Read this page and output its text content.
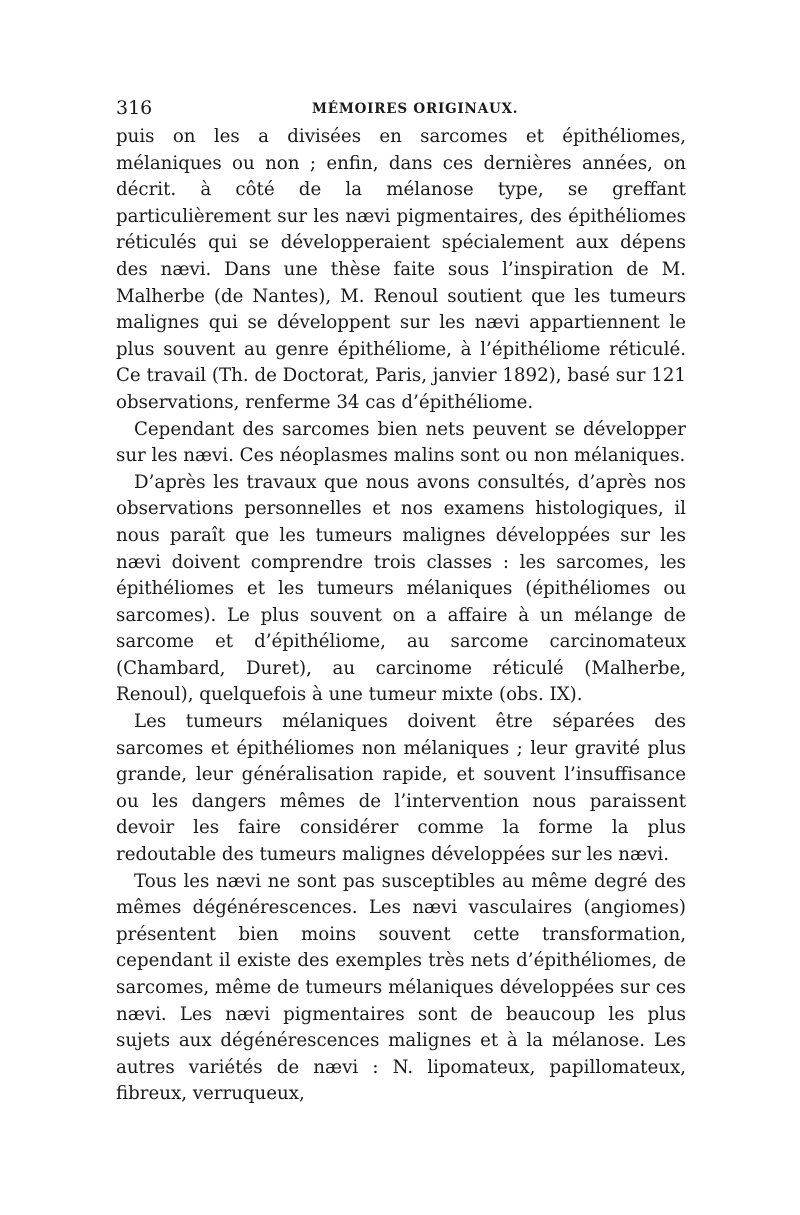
316	MÉMOIRES ORIGINAUX.

puis on les a divisées en sarcomes et épithéliomes, mélaniques ou non ; enfin, dans ces dernières années, on décrit. à côté de la mélanose type, se greffant particulièrement sur les nævi pigmentaires, des épithéliomes réticulés qui se développeraient spécialement aux dépens des nævi. Dans une thèse faite sous l’inspiration de M. Malherbe (de Nantes), M. Renoul soutient que les tumeurs malignes qui se développent sur les nævi appartiennent le plus souvent au genre épithéliome, à l’épithéliome réticulé. Ce travail (Th. de Doctorat, Paris, janvier 1892), basé sur 121 observations, renferme 34 cas d’épithéliome.

Cependant des sarcomes bien nets peuvent se développer sur les nævi. Ces néoplasmes malins sont ou non mélaniques.

D’après les travaux que nous avons consultés, d’après nos observations personnelles et nos examens histologiques, il nous paraît que les tumeurs malignes développées sur les nævi doivent comprendre trois classes : les sarcomes, les épithéliomes et les tumeurs mélaniques (épithéliomes ou sarcomes). Le plus souvent on a affaire à un mélange de sarcome et d’épithéliome, au sarcome carcinomateux (Chambard, Duret), au carcinome réticulé (Malherbe, Renoul), quelquefois à une tumeur mixte (obs. IX).

Les tumeurs mélaniques doivent être séparées des sarcomes et épithéliomes non mélaniques ; leur gravité plus grande, leur généralisation rapide, et souvent l’insuffisance ou les dangers mêmes de l’intervention nous paraissent devoir les faire considérer comme la forme la plus redoutable des tumeurs malignes développées sur les nævi.

Tous les nævi ne sont pas susceptibles au même degré des mêmes dégénérescences. Les nævi vasculaires (angiomes) présentent bien moins souvent cette transformation, cependant il existe des exemples très nets d’épithéliomes, de sarcomes, même de tumeurs mélaniques développées sur ces nævi. Les nævi pigmentaires sont de beaucoup les plus sujets aux dégénérescences malignes et à la mélanose. Les autres variétés de nævi : N. lipomateux, papillomateux, fibreux, verruqueux,
